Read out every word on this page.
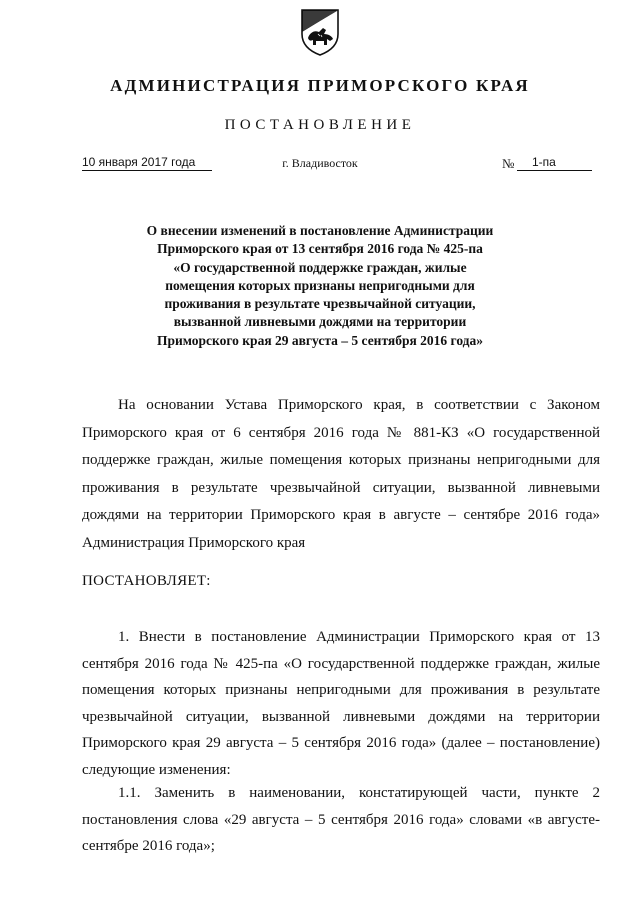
АДМИНИСТРАЦИЯ ПРИМОРСКОГО КРАЯ
ПОСТАНОВЛЕНИЕ
10 января 2017 года	г. Владивосток	№	1-па
О внесении изменений в постановление Администрации
Приморского края от 13 сентября 2016 года № 425-па
«О государственной поддержке граждан, жилые
помещения которых признаны непригодными для
проживания в результате чрезвычайной ситуации,
вызванной ливневыми дождями на территории
Приморского края 29 августа – 5 сентября 2016 года»

На основании Устава Приморского края, в соответствии с Законом Приморского края от 6 сентября 2016 года № 881-КЗ «О государственной поддержке граждан, жилые помещения которых признаны непригодными для проживания в результате чрезвычайной ситуации, вызванной ливневыми дождями на территории Приморского края в августе – сентябре 2016 года» Администрация Приморского края

ПОСТАНОВЛЯЕТ:

1. Внести в постановление Администрации Приморского края от 13 сентября 2016 года № 425-па «О государственной поддержке граждан, жилые помещения которых признаны непригодными для проживания в результате чрезвычайной ситуации, вызванной ливневыми дождями на территории Приморского края 29 августа – 5 сентября 2016 года» (далее – постановление) следующие изменения:

1.1. Заменить в наименовании, констатирующей части, пункте 2 постановления слова «29 августа – 5 сентября 2016 года» словами «в августе-сентябре 2016 года»;
